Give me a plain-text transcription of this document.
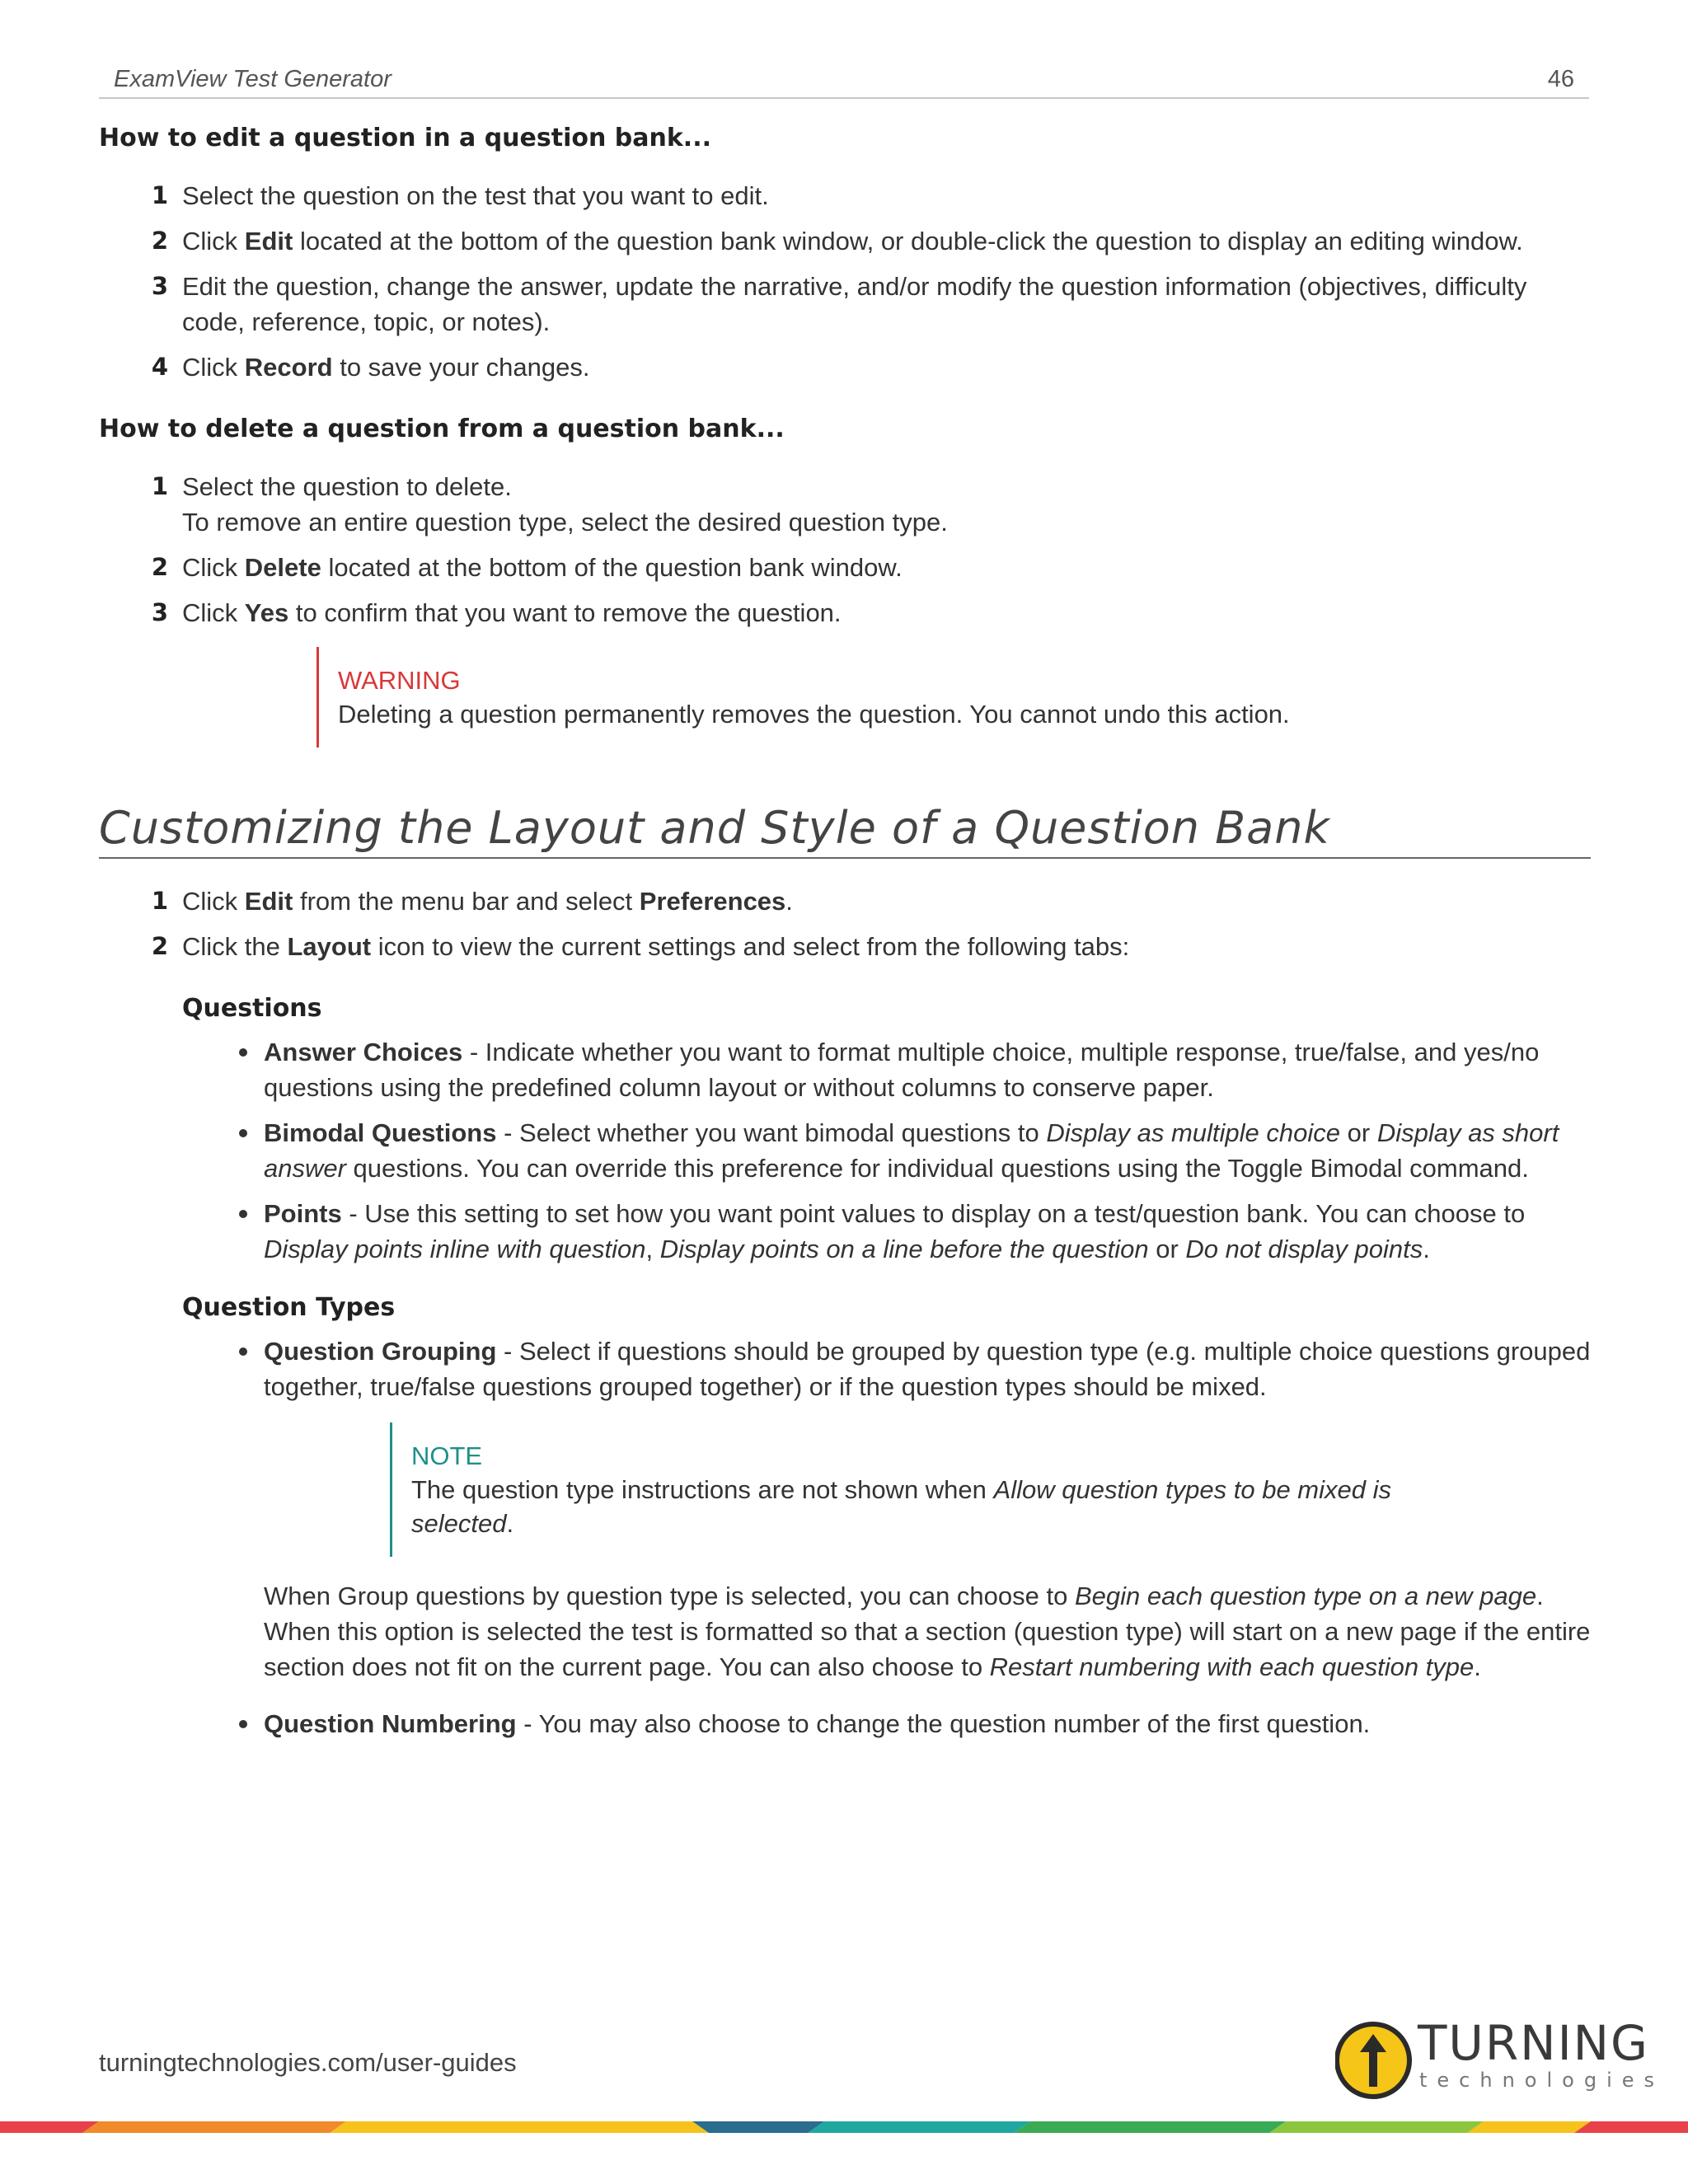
ExamView Test Generator	46
How to edit a question in a question bank...
1 Select the question on the test that you want to edit.
2 Click Edit located at the bottom of the question bank window, or double-click the question to display an editing window.
3 Edit the question, change the answer, update the narrative, and/or modify the question information (objectives, difficulty code, reference, topic, or notes).
4 Click Record to save your changes.
How to delete a question from a question bank...
1 Select the question to delete.
To remove an entire question type, select the desired question type.
2 Click Delete located at the bottom of the question bank window.
3 Click Yes to confirm that you want to remove the question.
WARNING
Deleting a question permanently removes the question. You cannot undo this action.
Customizing the Layout and Style of a Question Bank
1 Click Edit from the menu bar and select Preferences.
2 Click the Layout icon to view the current settings and select from the following tabs:
Questions
Answer Choices - Indicate whether you want to format multiple choice, multiple response, true/false, and yes/no questions using the predefined column layout or without columns to conserve paper.
Bimodal Questions - Select whether you want bimodal questions to Display as multiple choice or Display as short answer questions. You can override this preference for individual questions using the Toggle Bimodal command.
Points - Use this setting to set how you want point values to display on a test/question bank. You can choose to Display points inline with question, Display points on a line before the question or Do not display points.
Question Types
Question Grouping - Select if questions should be grouped by question type (e.g. multiple choice questions grouped together, true/false questions grouped together) or if the question types should be mixed.
NOTE
The question type instructions are not shown when Allow question types to be mixed is selected.
When Group questions by question type is selected, you can choose to Begin each question type on a new page. When this option is selected the test is formatted so that a section (question type) will start on a new page if the entire section does not fit on the current page. You can also choose to Restart numbering with each question type.
Question Numbering - You may also choose to change the question number of the first question.
turningtechnologies.com/user-guides	TURNING
technologies
